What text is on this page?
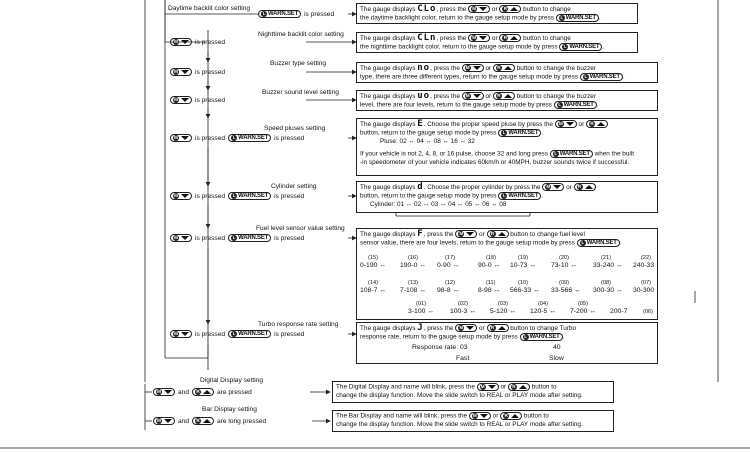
Daytime backlit color setting
Nighttime backlit color setting
Buzzer type setting
Buzzer sound level setting
Speed pluses setting
Cylinder setting
Fuel level sensor value setting
Turbo response rate setting
Digital Display setting
Bar Display setting
L WARN.SET is pressed
M	is pressed
M	is pressed
M	is pressed
M	is pressed	L WARN.SET is pressed
M	is pressed	L WARN.SET is pressed
M	is pressed	L WARN.SET is pressed
M	is pressed	L WARN.SET is pressed
M	and R	are pressed
M	and R	are long pressed
The gauge displays CLo, press the M or R	button to change
the daytime backlight color, return to the gauge setup mode by press	L WARN.SET .
The gauge displays CLn, press the M or R	button to change
the nighttime backlight color, return to the gauge setup mode by press	L WARN.SET .
The gauge displays no, press the M or R	button to change the buzzer
type, there are three different types, return to the gauge setup mode by press	L WARN.SET .
The gauge displays uo, press the M or R	button to change the buzzer
level, there are four levels, return to the gauge setup mode by press	L WARN.SET .
The gauge displays E. Choose the proper speed pluse by press the M or R
button, return to the gauge setup mode by press	L WARN.SET .
Pluse: 02 ↔ 04 ↔ 08 ↔ 16 ↔ 32
If your vehicle is not 2, 4, 8, or 16 pulse, choose 32 and long press	L WARN.SET when the built
-in speedometer of your vehicle indicates 60km/h or 40MPH, buzzer sounds twice if successful.
The gauge displays d. Choose the proper cylinder by press the M or R
button, return to the gauge setup mode by press	L WARN.SET .
Cylinder: 01 ↔ 02 ↔ 03 ↔ 04 ↔ 05 ↔ 06 ↔ 08
The gauge displays F, press the M or R	button to change fuel level
sensor value, there are four levels, return to the gauge setup mode by press	L WARN.SET .
(15)	(16)	(17)	(18)	(19)	(20)	(21)	(22)
0-190 ↔ 190-0 ↔ 0-90 ↔	90-0 ↔ 10-73 ↔ 73-10 ↔ 33-240 ↔ 240-33
(14)	(13)	(12)	(11)	(10)	(09)	(08)	(07)
108-7 ↔ 7-108 ↔ 98-8 ↔	8-98 ↔ 566-33 ↔ 33-566 ↔ 300-30 ↔ 30-300
(01)	(02)	(03)	(04)	(05)
3-100 ↔ 100-3 ↔ 5-120 ↔ 120-5 ↔ 7-200 ↔ 200-7	(06)
The gauge displays J, press the M or R	button to change Turbo
response rate, return to the gauge setup mode by press	L WARN.SET .
Response rate: 03	40
Fast	Slow
The Digital Display and name will blink, press the M or R	button to
change the display function. Move the slide switch to REAL or PLAY mode after setting.
The Bar Display and name will blink, press the M or R	button to
change the display function. Move the slide switch to REAL or PLAY mode after setting.
